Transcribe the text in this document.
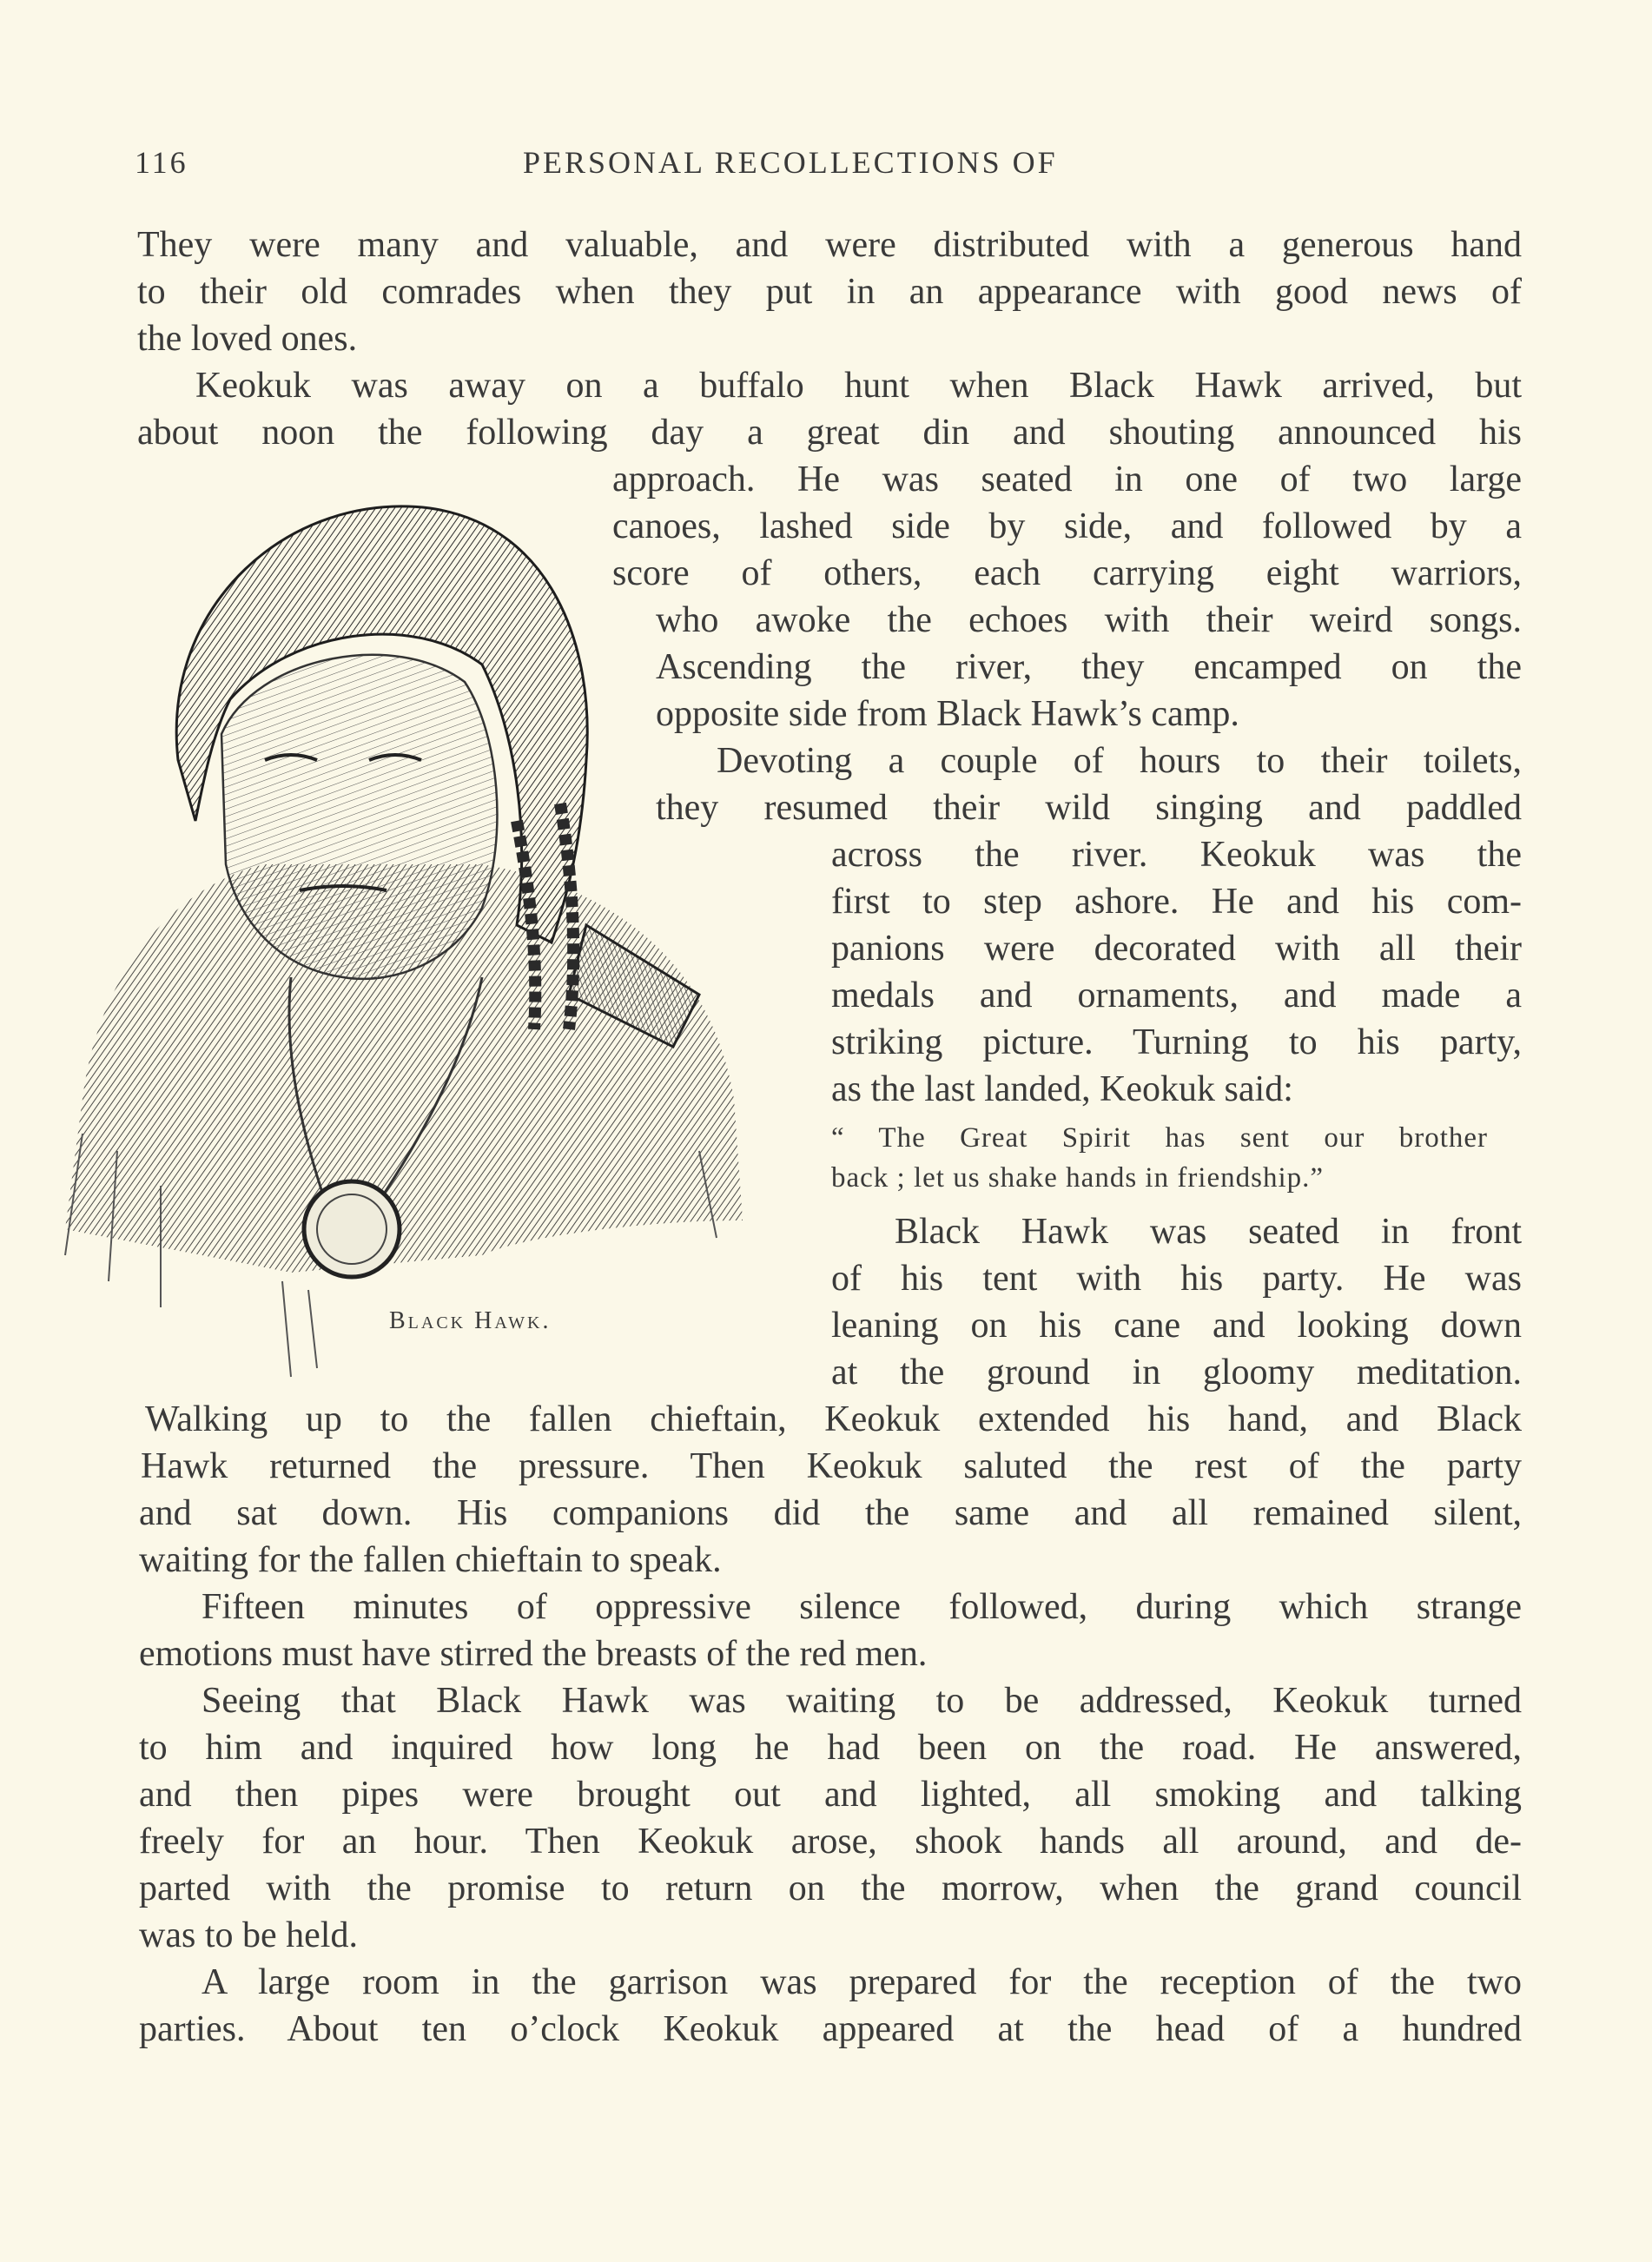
116	PERSONAL RECOLLECTIONS OF
Black Hawk.
They were many and valuable, and were distributed with a generous hand
to their old comrades when they put in an appearance with good news of
the loved ones.
Keokuk was away on a buffalo hunt when Black Hawk arrived, but
about noon the following day a great din and shouting announced his
approach. He was seated in one of two large
canoes, lashed side by side, and followed by a
score of others, each carrying eight warriors,
who awoke the echoes with their weird songs.
Ascending the river, they encamped on the
opposite side from Black Hawk’s camp.
Devoting a couple of hours to their toilets,
they resumed their wild singing and paddled
across the river. Keokuk was the
first to step ashore. He and his com-
panions were decorated with all their
medals and ornaments, and made a
striking picture. Turning to his party,
as the last landed, Keokuk said:
“ The Great Spirit has sent our brother
back ; let us shake hands in friendship.”
Black Hawk was seated in front
of his tent with his party. He was
leaning on his cane and looking down
at the ground in gloomy meditation.
Walking up to the fallen chieftain, Keokuk extended his hand, and Black
Hawk returned the pressure. Then Keokuk saluted the rest of the party
and sat down. His companions did the same and all remained silent,
waiting for the fallen chieftain to speak.
Fifteen minutes of oppressive silence followed, during which strange
emotions must have stirred the breasts of the red men.
Seeing that Black Hawk was waiting to be addressed, Keokuk turned
to him and inquired how long he had been on the road. He answered,
and then pipes were brought out and lighted, all smoking and talking
freely for an hour. Then Keokuk arose, shook hands all around, and de-
parted with the promise to return on the morrow, when the grand council
was to be held.
A large room in the garrison was prepared for the reception of the two
parties. About ten o’clock Keokuk appeared at the head of a hundred
